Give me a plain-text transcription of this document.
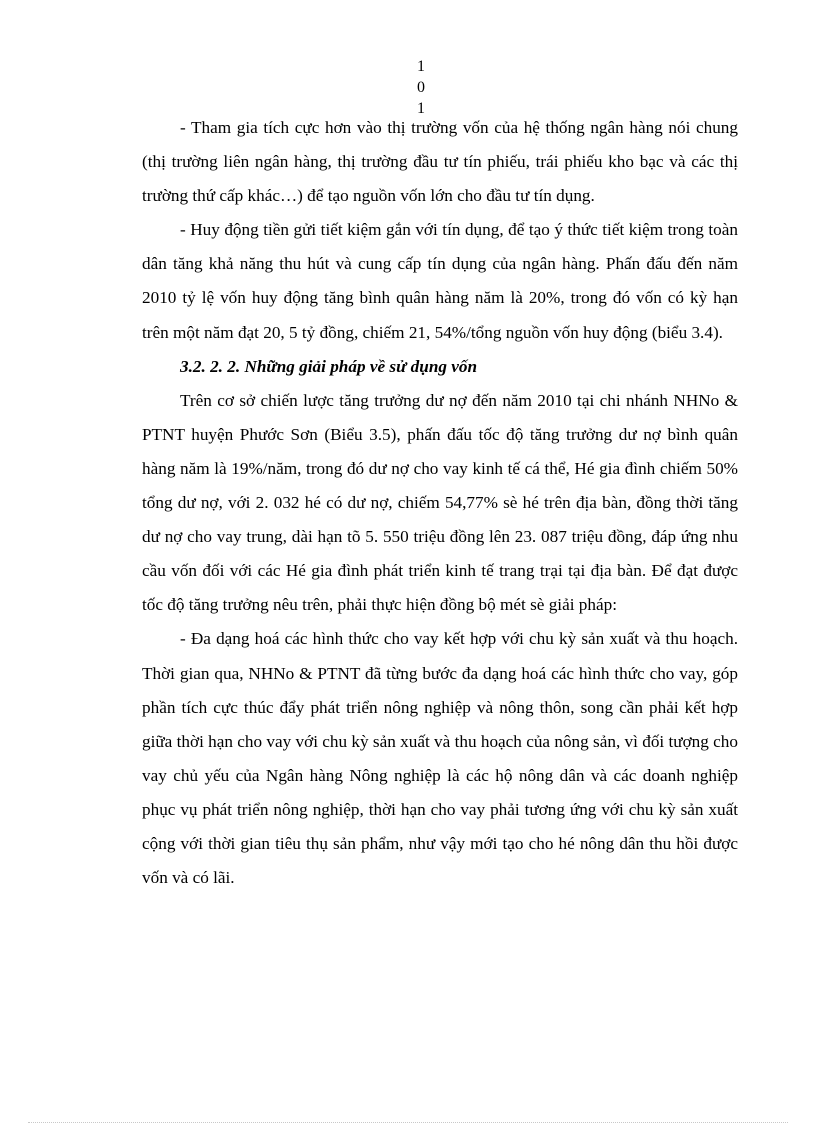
1
0
1

- Tham gia tích cực hơn vào thị trường vốn của hệ thống ngân hàng nói chung (thị trường liên ngân hàng, thị trường đầu tư tín phiếu, trái phiếu kho bạc và các thị trường thứ cấp khác…) để tạo nguồn vốn lớn cho đầu tư tín dụng.

- Huy động tiền gửi tiết kiệm gắn với tín dụng, để tạo ý thức tiết kiệm trong toàn dân tăng khả năng thu hút và cung cấp tín dụng của ngân hàng. Phấn đấu đến năm 2010 tỷ lệ vốn huy động tăng bình quân hàng năm là 20%, trong đó vốn có kỳ hạn trên một năm đạt 20, 5 tỷ đồng, chiếm 21, 54%/tổng nguồn vốn huy động (biểu 3.4).

3.2. 2. 2. Những giải pháp về sử dụng vốn

Trên cơ sở chiến lược tăng trưởng dư nợ đến năm 2010 tại chi nhánh NHNo & PTNT huyện Phước Sơn (Biểu 3.5), phấn đấu tốc độ tăng trưởng dư nợ bình quân hàng năm là 19%/năm, trong đó dư nợ cho vay kinh tế cá thể, Hé gia đình chiếm 50% tổng dư nợ, với 2. 032 hé có dư nợ, chiếm 54,77% sè hé trên địa bàn, đồng thời tăng dư nợ cho vay trung, dài hạn tõ 5. 550 triệu đồng lên 23. 087 triệu đồng, đáp ứng nhu cầu vốn đối với các Hé gia đình phát triển kinh tế trang trại tại địa bàn. Để đạt được tốc độ tăng trưởng nêu trên, phải thực hiện đồng bộ mét sè giải pháp:

- Đa dạng hoá các hình thức cho vay kết hợp với chu kỳ sản xuất và thu hoạch. Thời gian qua, NHNo & PTNT đã từng bước đa dạng hoá các hình thức cho vay, góp phần tích cực thúc đẩy phát triển nông nghiệp và nông thôn, song cần phải kết hợp giữa thời hạn cho vay với chu kỳ sản xuất và thu hoạch của nông sản, vì đối tượng cho vay chủ yếu của Ngân hàng Nông nghiệp là các hộ nông dân và các doanh nghiệp phục vụ phát triển nông nghiệp, thời hạn cho vay phải tương ứng với chu kỳ sản xuất cộng với thời gian tiêu thụ sản phẩm, như vậy mới tạo cho hé nông dân thu hồi được vốn và có lãi.
